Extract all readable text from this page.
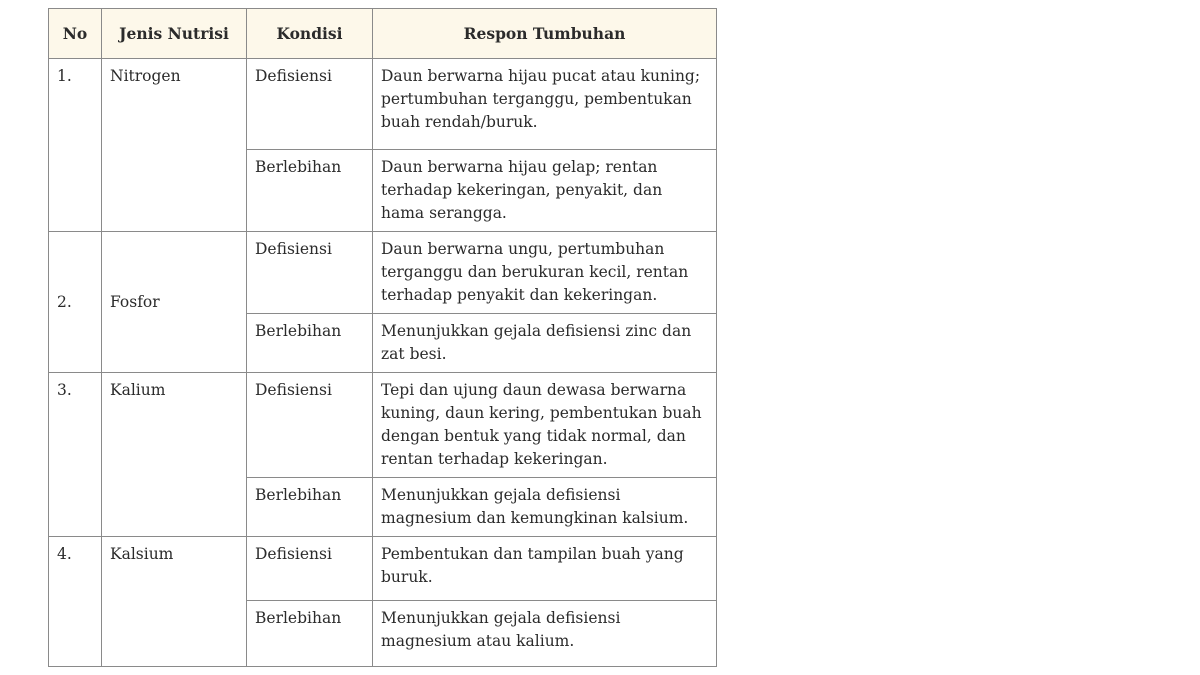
No	Jenis Nutrisi	Kondisi	Respon Tumbuhan
1.	Nitrogen	Defisiensi	Daun berwarna hijau pucat atau kuning; pertumbuhan terganggu, pembentukan buah rendah/buruk.
		Berlebihan	Daun berwarna hijau gelap; rentan terhadap kekeringan, penyakit, dan hama serangga.
2.	Fosfor	Defisiensi	Daun berwarna ungu, pertumbuhan terganggu dan berukuran kecil, rentan terhadap penyakit dan kekeringan.
		Berlebihan	Menunjukkan gejala defisiensi zinc dan zat besi.
3.	Kalium	Defisiensi	Tepi dan ujung daun dewasa berwarna kuning, daun kering, pembentukan buah dengan bentuk yang tidak normal, dan rentan terhadap kekeringan.
		Berlebihan	Menunjukkan gejala defisiensi magnesium dan kemungkinan kalsium.
4.	Kalsium	Defisiensi	Pembentukan dan tampilan buah yang buruk.
		Berlebihan	Menunjukkan gejala defisiensi magnesium atau kalium.
